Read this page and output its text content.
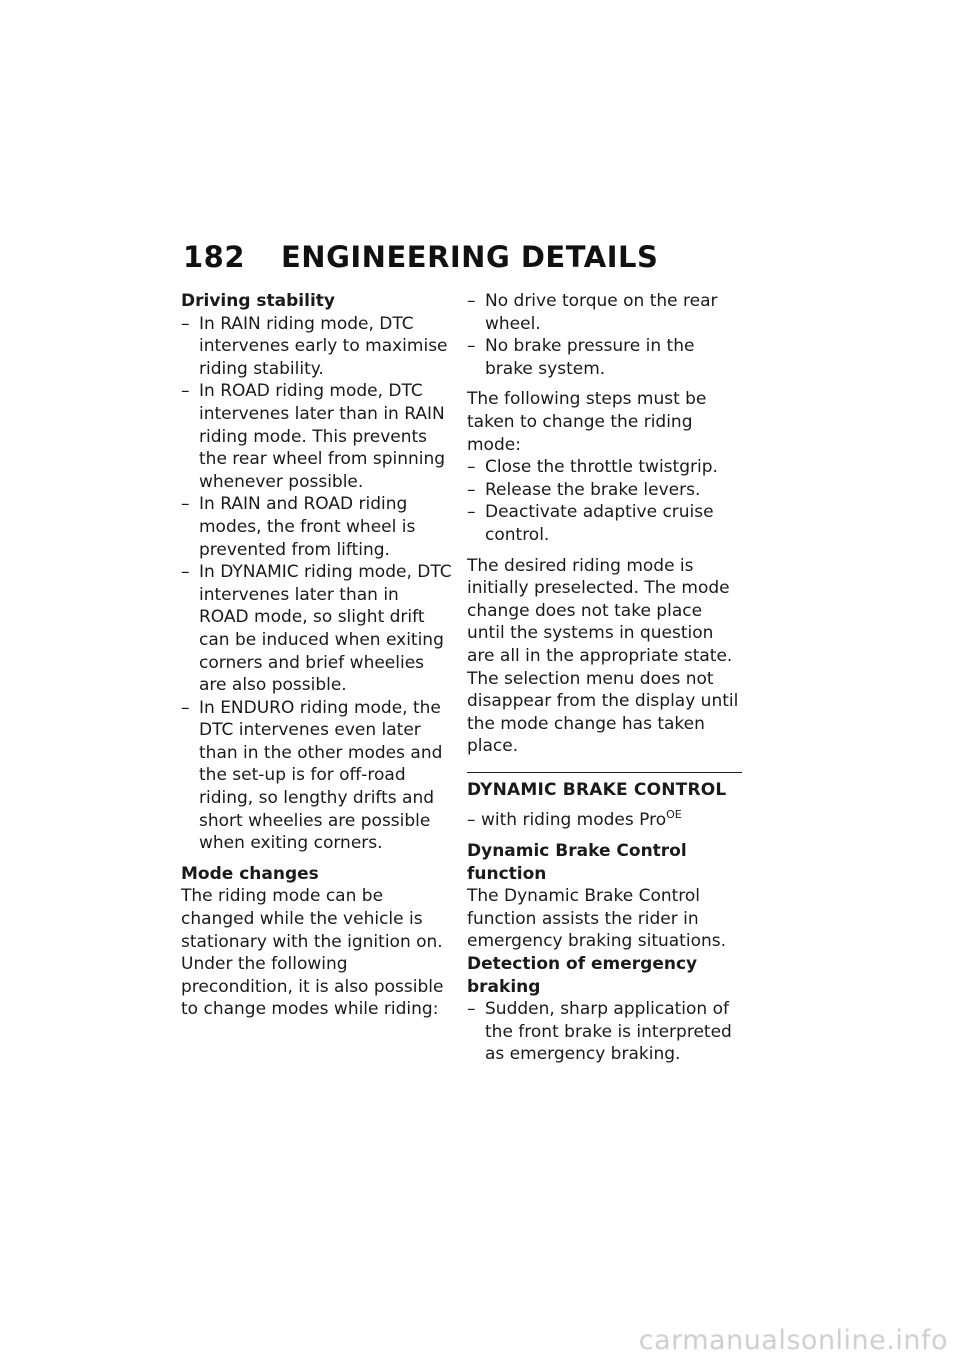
182 ENGINEERING DETAILS

Driving stability

– In RAIN riding mode, DTC intervenes early to maximise riding stability.
– In ROAD riding mode, DTC intervenes later than in RAIN riding mode. This prevents the rear wheel from spinning whenever possible.
– In RAIN and ROAD riding modes, the front wheel is prevented from lifting.
– In DYNAMIC riding mode, DTC intervenes later than in ROAD mode, so slight drift can be induced when exiting corners and brief wheelies are also possible.
– In ENDURO riding mode, the DTC intervenes even later than in the other modes and the set-up is for off-road riding, so lengthy drifts and short wheelies are possible when exiting corners.

Mode changes

The riding mode can be changed while the vehicle is stationary with the ignition on. Under the following precondition, it is also possible to change modes while riding:

– No drive torque on the rear wheel.
– No brake pressure in the brake system.

The following steps must be taken to change the riding mode:

– Close the throttle twistgrip.
– Release the brake levers.
– Deactivate adaptive cruise control.

The desired riding mode is initially preselected. The mode change does not take place until the systems in question are all in the appropriate state.

The selection menu does not disappear from the display until the mode change has taken place.

DYNAMIC BRAKE CONTROL

– with riding modes Pro$^{OE}$

Dynamic Brake Control function

The Dynamic Brake Control function assists the rider in emergency braking situations.

Detection of emergency braking

– Sudden, sharp application of the front brake is interpreted as emergency braking.
carmanualsonline.info
